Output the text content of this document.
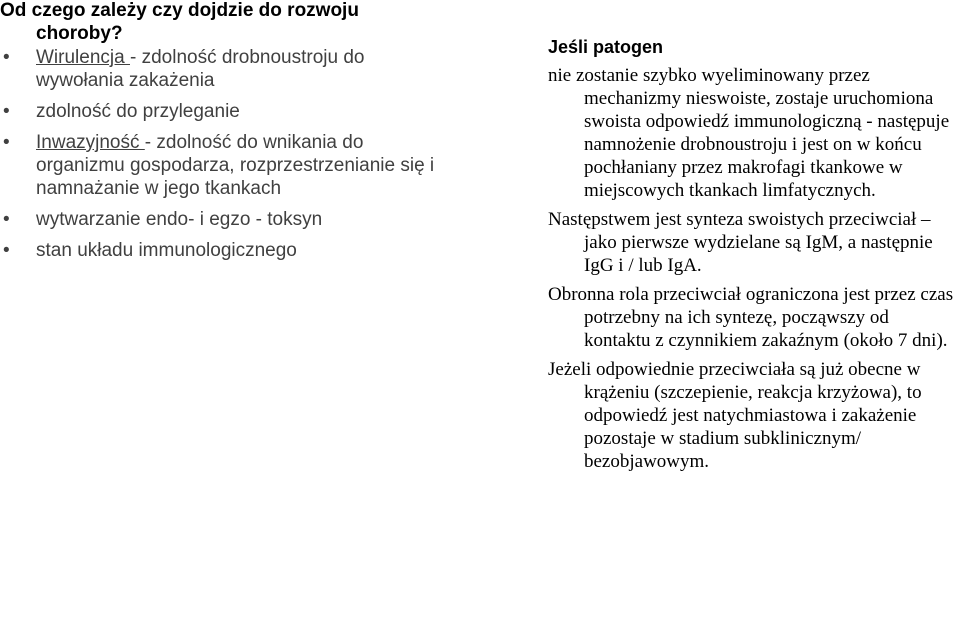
Od czego zależy czy dojdzie do rozwoju
choroby?
• Wirulencja - zdolność drobnoustroju do wywołania zakażenia
• zdolność do przyleganie
• Inwazyjność - zdolność do wnikania do organizmu gospodarza, rozprzestrzenianie się i namnażanie w jego tkankach
• wytwarzanie endo- i egzo - toksyn
• stan układu immunologicznego
Jeśli patogen

nie zostanie szybko wyeliminowany przez mechanizmy nieswoiste, zostaje uruchomiona swoista odpowiedź immunologiczną - następuje namnożenie drobnoustroju i jest on w końcu pochłaniany przez makrofagi tkankowe w miejscowych tkankach limfatycznych.

Następstwem jest synteza swoistych przeciwciał – jako pierwsze wydzielane są IgM, a następnie IgG i / lub IgA.

Obronna rola przeciwciał ograniczona jest przez czas potrzebny na ich syntezę, począwszy od kontaktu z czynnikiem zakaźnym (około 7 dni).

Jeżeli odpowiednie przeciwciała są już obecne w krążeniu (szczepienie, reakcja krzyżowa), to odpowiedź jest natychmiastowa i zakażenie pozostaje w stadium subklinicznym/ bezobjawowym.
